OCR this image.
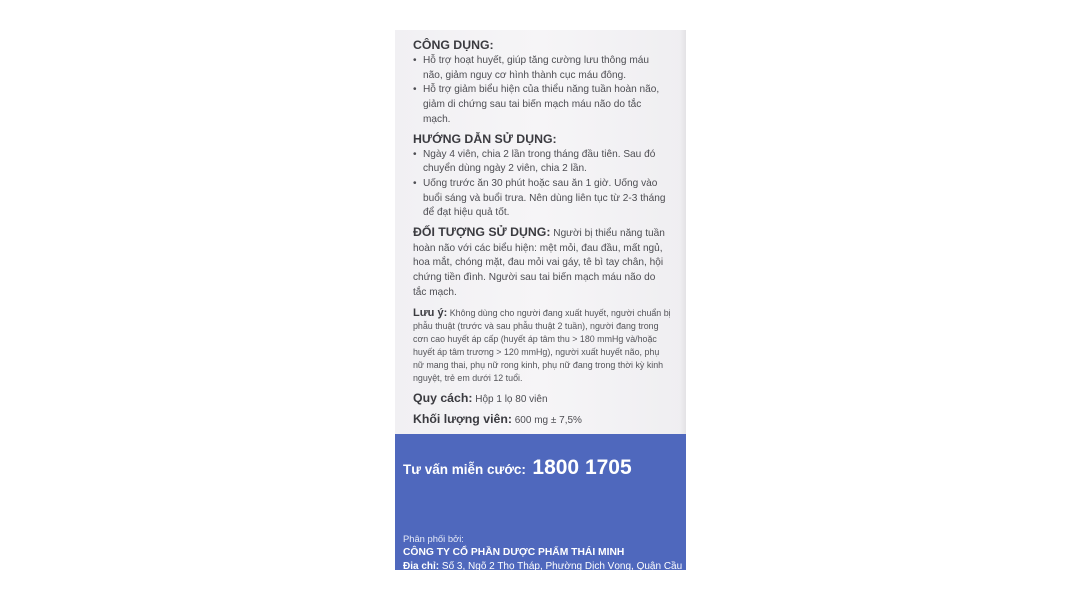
CÔNG DỤNG:

• Hỗ trợ hoạt huyết, giúp tăng cường lưu thông máu não, giảm nguy cơ hình thành cục máu đông.
• Hỗ trợ giảm biểu hiện của thiểu năng tuần hoàn não, giảm di chứng sau tai biến mạch máu não do tắc mạch.

HƯỚNG DẪN SỬ DỤNG:

• Ngày 4 viên, chia 2 lần trong tháng đầu tiên. Sau đó chuyển dùng ngày 2 viên, chia 2 lần.
• Uống trước ăn 30 phút hoặc sau ăn 1 giờ. Uống vào buổi sáng và buổi trưa. Nên dùng liên tục từ 2-3 tháng để đạt hiệu quả tốt.

ĐỐI TƯỢNG SỬ DỤNG: Người bị thiểu năng tuần hoàn não với các biểu hiện: mệt mỏi, đau đầu, mất ngủ, hoa mắt, chóng mặt, đau mỏi vai gáy, tê bì tay chân, hội chứng tiền đình. Người sau tai biến mạch máu não do tắc mạch.

Lưu ý: Không dùng cho người đang xuất huyết, người chuẩn bị phẫu thuật (trước và sau phẫu thuật 2 tuần), người đang trong cơn cao huyết áp cấp (huyết áp tâm thu > 180 mmHg và/hoặc huyết áp tâm trương > 120 mmHg), người xuất huyết não, phụ nữ mang thai, phụ nữ rong kinh, phụ nữ đang trong thời kỳ kinh nguyệt, trẻ em dưới 12 tuổi.

Quy cách: Hộp 1 lọ 80 viên

Khối lượng viên: 600 mg ± 7,5%

Tư vấn miễn cước: 1800 1705
Phân phối bởi:
CÔNG TY CỔ PHẦN DƯỢC PHẨM THÁI MINH
Địa chỉ: Số 3, Ngõ 2 Thọ Tháp, Phường Dịch Vọng, Quận Cầu Giấy, Thành Phố Hà Nội, Việt Nam.
Website: www.tmp.vn
